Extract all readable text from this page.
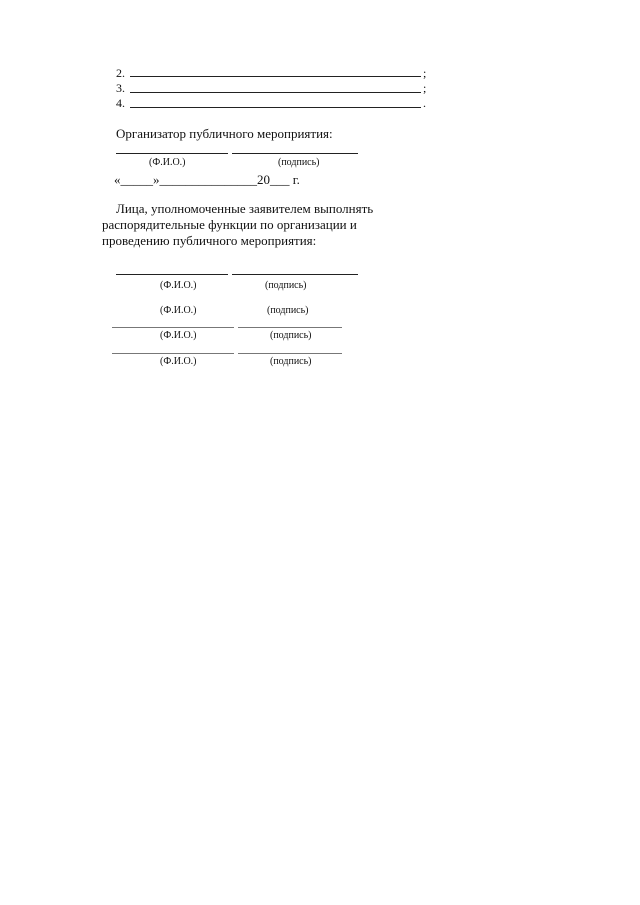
2.	;
3.	;
4.	.
Организатор публичного мероприятия:
(Ф.И.О.)	(подпись)
«_____»_______________20___ г.
Лица, уполномоченные заявителем выполнять
распорядительные функции по организации и
проведению публичного мероприятия:
(Ф.И.О.)	(подпись)
(Ф.И.О.)	(подпись)
(Ф.И.О.)	(подпись)
(Ф.И.О.)	(подпись)
